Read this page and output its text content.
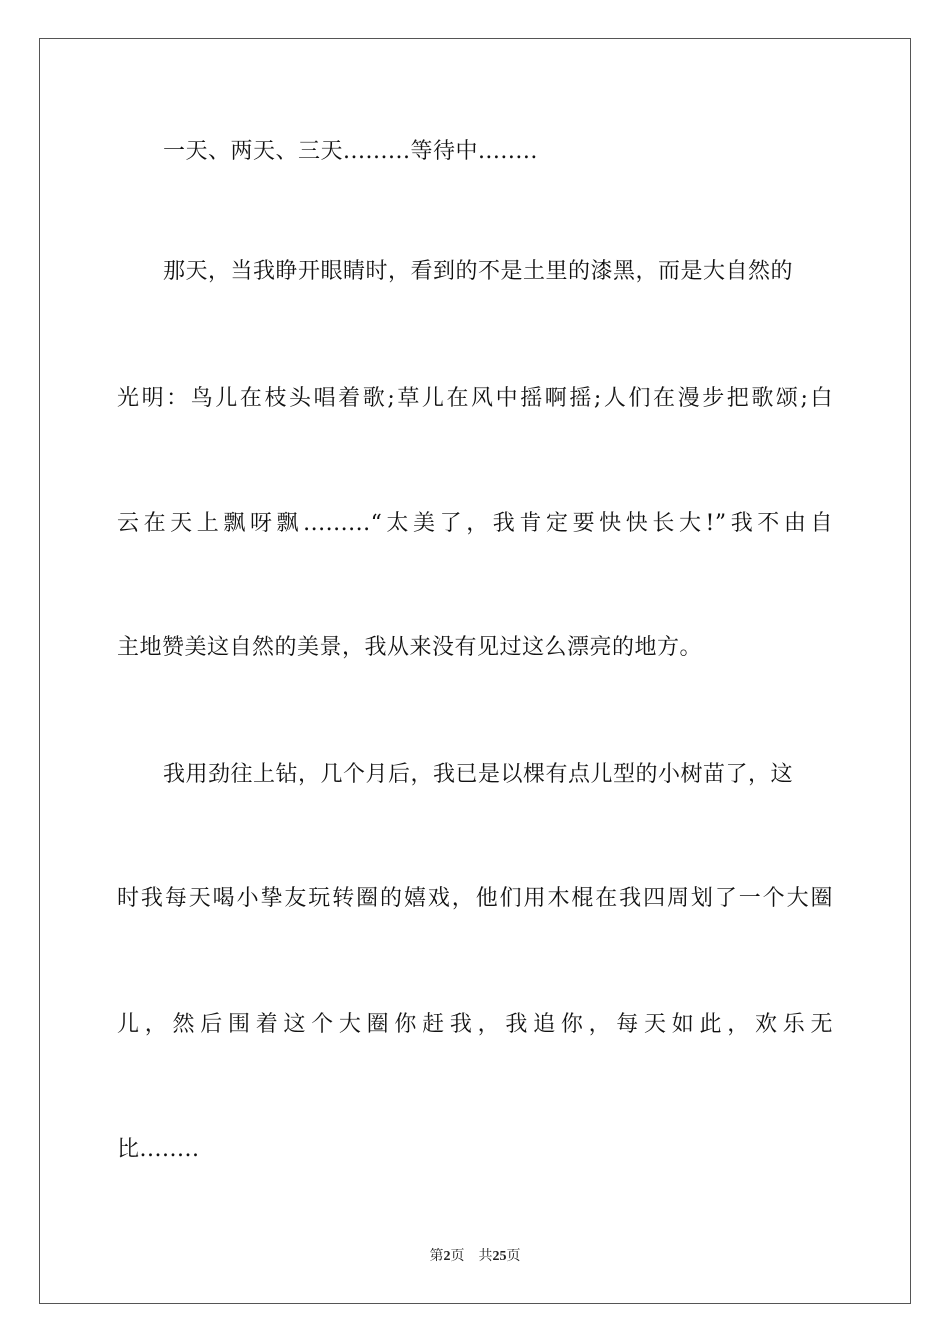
一天、两天、三天.........等待中........
那天，当我睁开眼睛时，看到的不是土里的漆黑，而是大自然的
光明：鸟儿在枝头唱着歌;草儿在风中摇啊摇;人们在漫步把歌颂;白
云在天上飘呀飘.........“太美了，我肯定要快快长大!”我不由自
主地赞美这自然的美景，我从来没有见过这么漂亮的地方。
我用劲往上钻，几个月后，我已是以棵有点儿型的小树苗了，这
时我每天喝小挚友玩转圈的嬉戏，他们用木棍在我四周划了一个大圈
儿，然后围着这个大圈你赶我，我追你，每天如此，欢乐无
比........
第2页 共25页
